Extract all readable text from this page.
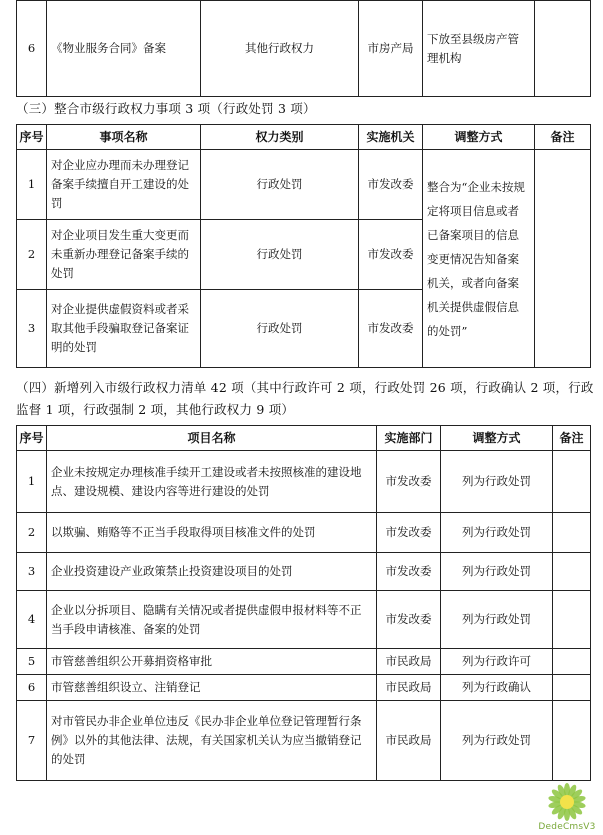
6	《物业服务合同》备案	其他行政权力	市房产局	下放至县级房产管理机构	
（三）整合市级行政权力事项 3 项（行政处罚 3 项）
序号	事项名称	权力类别	实施机关	调整方式	备注
1	对企业应办理而未办理登记备案手续擅自开工建设的处罚	行政处罚	市发改委	整合为“企业未按规定将项目信息或者已备案项目的信息变更情况告知备案机关，或者向备案机关提供虚假信息的处罚”	
2	对企业项目发生重大变更而未重新办理登记备案手续的处罚	行政处罚	市发改委		
3	对企业提供虚假资料或者采取其他手段骗取登记备案证明的处罚	行政处罚	市发改委		
（四）新增列入市级行政权力清单 42 项（其中行政许可 2 项，行政处罚 26 项，行政确认 2 项，行政监督 1 项，行政强制 2 项，其他行政权力 9 项）
序号	项目名称	实施部门	调整方式	备注
1	企业未按规定办理核准手续开工建设或者未按照核准的建设地点、建设规模、建设内容等进行建设的处罚	市发改委	列为行政处罚	
2	以欺骗、贿赂等不正当手段取得项目核准文件的处罚	市发改委	列为行政处罚	
3	企业投资建设产业政策禁止投资建设项目的处罚	市发改委	列为行政处罚	
4	企业以分拆项目、隐瞒有关情况或者提供虚假申报材料等不正当手段申请核准、备案的处罚	市发改委	列为行政处罚	
5	市管慈善组织公开募捐资格审批	市民政局	列为行政许可	
6	市管慈善组织设立、注销登记	市民政局	列为行政确认	
7	对市管民办非企业单位违反《民办非企业单位登记管理暂行条例》以外的其他法律、法规，有关国家机关认为应当撤销登记的处罚	市民政局	列为行政处罚	
DedeCmsV3
